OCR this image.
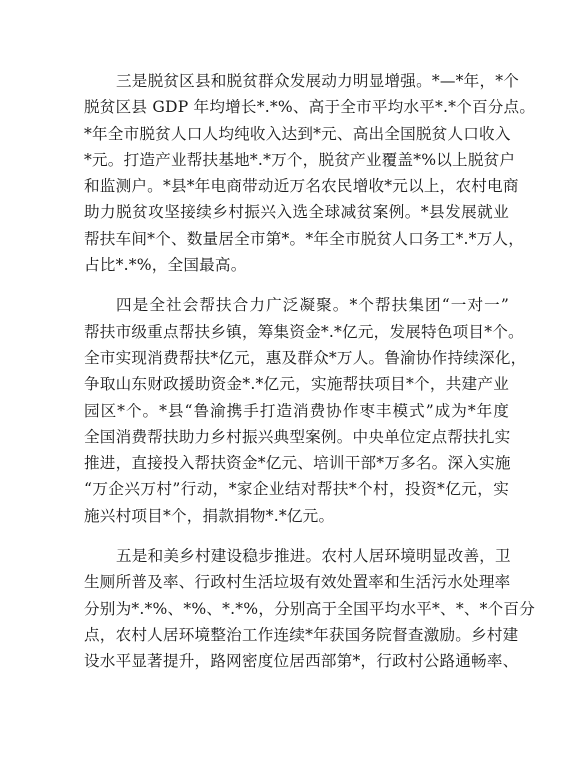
三是脱贫区县和脱贫群众发展动力明显增强。*—*年，*个
脱贫区县 GDP 年均增长*.*%、高于全市平均水平*.*个百分点。
*年全市脱贫人口人均纯收入达到*元、高出全国脱贫人口收入
*元。打造产业帮扶基地*.*万个，脱贫产业覆盖*%以上脱贫户
和监测户。*县*年电商带动近万名农民增收*元以上，农村电商
助力脱贫攻坚接续乡村振兴入选全球减贫案例。*县发展就业
帮扶车间*个、数量居全市第*。*年全市脱贫人口务工*.*万人，
占比*.*%，全国最高。
四是全社会帮扶合力广泛凝聚。*个帮扶集团“一对一”
帮扶市级重点帮扶乡镇，筹集资金*.*亿元，发展特色项目*个。
全市实现消费帮扶*亿元，惠及群众*万人。鲁渝协作持续深化，
争取山东财政援助资金*.*亿元，实施帮扶项目*个，共建产业
园区*个。*县“鲁渝携手打造消费协作枣丰模式”成为*年度
全国消费帮扶助力乡村振兴典型案例。中央单位定点帮扶扎实
推进，直接投入帮扶资金*亿元、培训干部*万多名。深入实施
“万企兴万村”行动，*家企业结对帮扶*个村，投资*亿元，实
施兴村项目*个，捐款捐物*.*亿元。
五是和美乡村建设稳步推进。农村人居环境明显改善，卫
生厕所普及率、行政村生活垃圾有效处置率和生活污水处理率
分别为*.*%、*%、*.*%，分别高于全国平均水平*、*、*个百分
点，农村人居环境整治工作连续*年获国务院督查激励。乡村建
设水平显著提升，路网密度位居西部第*，行政村公路通畅率、
